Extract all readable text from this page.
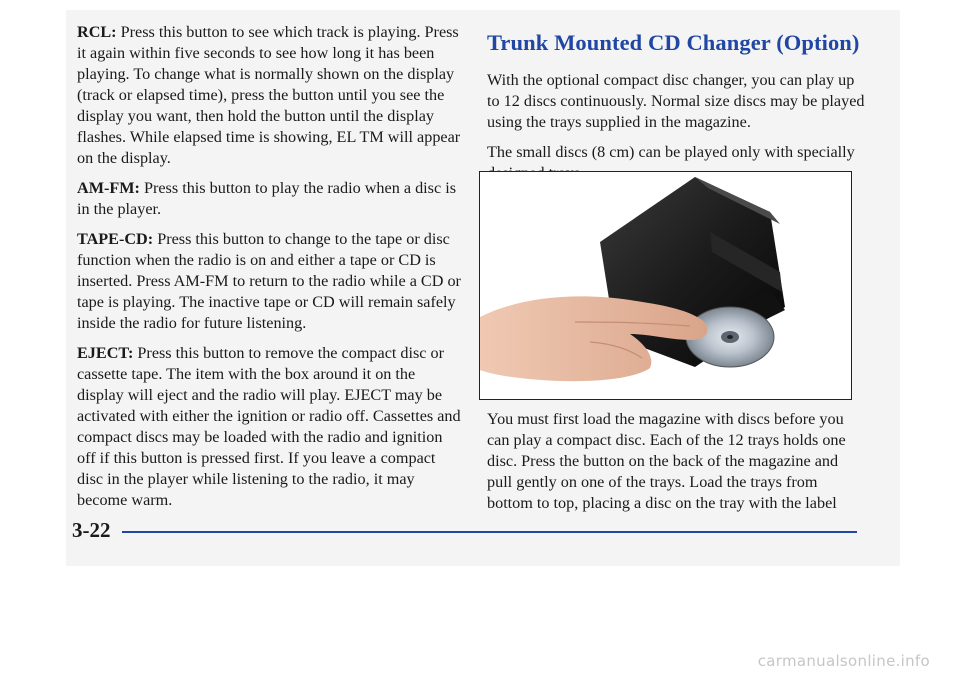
RCL: Press this button to see which track is playing. Press it again within five seconds to see how long it has been playing. To change what is normally shown on the display (track or elapsed time), press the button until you see the display you want, then hold the button until the display flashes. While elapsed time is showing, EL TM will appear on the display.

AM-FM: Press this button to play the radio when a disc is in the player.

TAPE-CD: Press this button to change to the tape or disc function when the radio is on and either a tape or CD is inserted. Press AM-FM to return to the radio while a CD or tape is playing. The inactive tape or CD will remain safely inside the radio for future listening.

EJECT: Press this button to remove the compact disc or cassette tape. The item with the box around it on the display will eject and the radio will play. EJECT may be activated with either the ignition or radio off. Cassettes and compact discs may be loaded with the radio and ignition off if this button is pressed first. If you leave a compact disc in the player while listening to the radio, it may become warm.

Trunk Mounted CD Changer (Option)

With the optional compact disc changer, you can play up to 12 discs continuously. Normal size discs may be played using the trays supplied in the magazine.

The small discs (8 cm) can be played only with specially

You must first load the magazine with discs before you can play a compact disc. Each of the 12 trays holds one disc. Press the button on the back of the magazine and pull gently on one of the trays. Load the trays from bottom to top, placing a disc on the tray with the label

3-22
carmanualsonline.info
